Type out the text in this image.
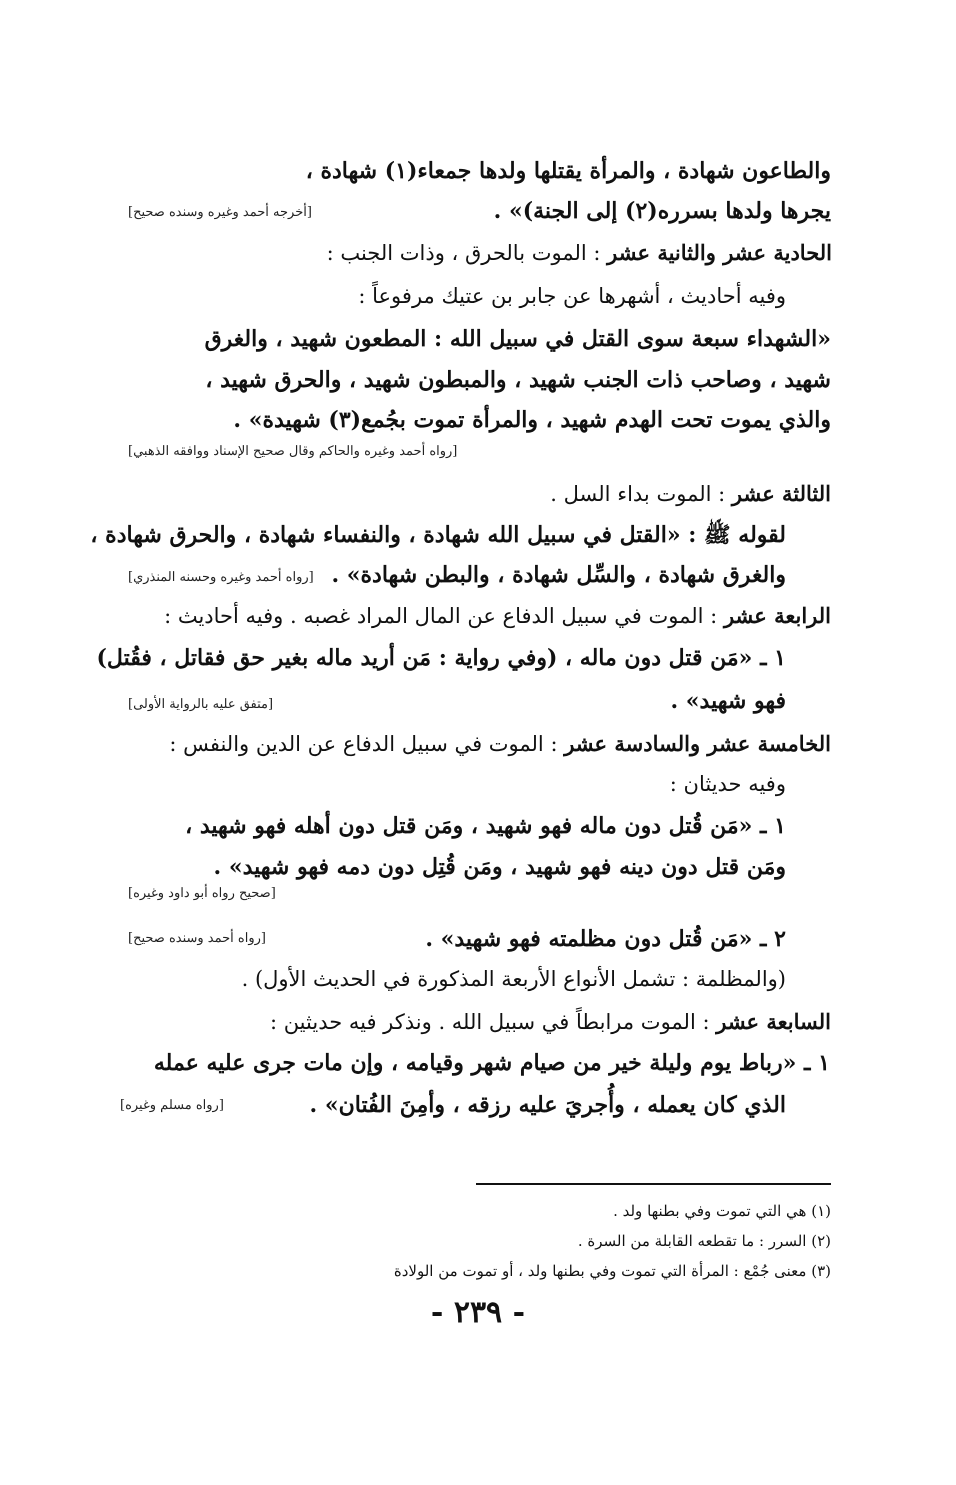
والطاعون شهادة ، والمرأة يقتلها ولدها جمعاء(١) شهادة ،
يجرها ولدها بسرره(٢) إلى الجنة)» .
[أخرجه أحمد وغيره وسنده صحيح]
الحادية عشر والثانية عشر : الموت بالحرق ، وذات الجنب :
وفيه أحاديث ، أشهرها عن جابر بن عتيك مرفوعاً :
«الشهداء سبعة سوى القتل في سبيل الله : المطعون شهيد ، والغرق
شهيد ، وصاحب ذات الجنب شهيد ، والمبطون شهيد ، والحرق شهيد ،
والذي يموت تحت الهدم شهيد ، والمرأة تموت بجُمع(٣) شهيدة» .
[رواه أحمد وغيره والحاكم وقال صحيح الإسناد ووافقه الذهبي]
الثالثة عشر : الموت بداء السل .
لقوله ﷺ : «القتل في سبيل الله شهادة ، والنفساء شهادة ، والحرق شهادة ،
والغرق شهادة ، والسِّل شهادة ، والبطن شهادة» .
[رواه أحمد وغيره وحسنه المنذري]
الرابعة عشر : الموت في سبيل الدفاع عن المال المراد غصبه . وفيه أحاديث :
١ ـ «مَن قتل دون ماله ، (وفي رواية : مَن أريد ماله بغير حق فقاتل ، فقُتل)
فهو شهيد» .
[متفق عليه بالرواية الأولى]
الخامسة عشر والسادسة عشر : الموت في سبيل الدفاع عن الدين والنفس :
وفيه حديثان :
١ ـ «مَن قُتل دون ماله فهو شهيد ، ومَن قتل دون أهله فهو شهيد ،
ومَن قتل دون دينه فهو شهيد ، ومَن قُتِل دون دمه فهو شهيد» .
[صحيح رواه أبو داود وغيره]
٢ ـ «مَن قُتل دون مظلمته فهو شهيد» .
[رواه أحمد وسنده صحيح]
(والمظلمة : تشمل الأنواع الأربعة المذكورة في الحديث الأول) .
السابعة عشر : الموت مرابطاً في سبيل الله . ونذكر فيه حديثين :
١ ـ «رباط يوم وليلة خير من صيام شهر وقيامه ، وإن مات جرى عليه عمله
الذي كان يعمله ، وأُجريَ عليه رزقه ، وأمِنَ الفُتان» .
[رواه مسلم وغيره]
(١) هي التي تموت وفي بطنها ولد .
(٢) السرر : ما تقطعه القابلة من السرة .
(٣) معنى جُمْع : المرأة التي تموت وفي بطنها ولد ، أو تموت من الولادة
- ٢٣٩ -
